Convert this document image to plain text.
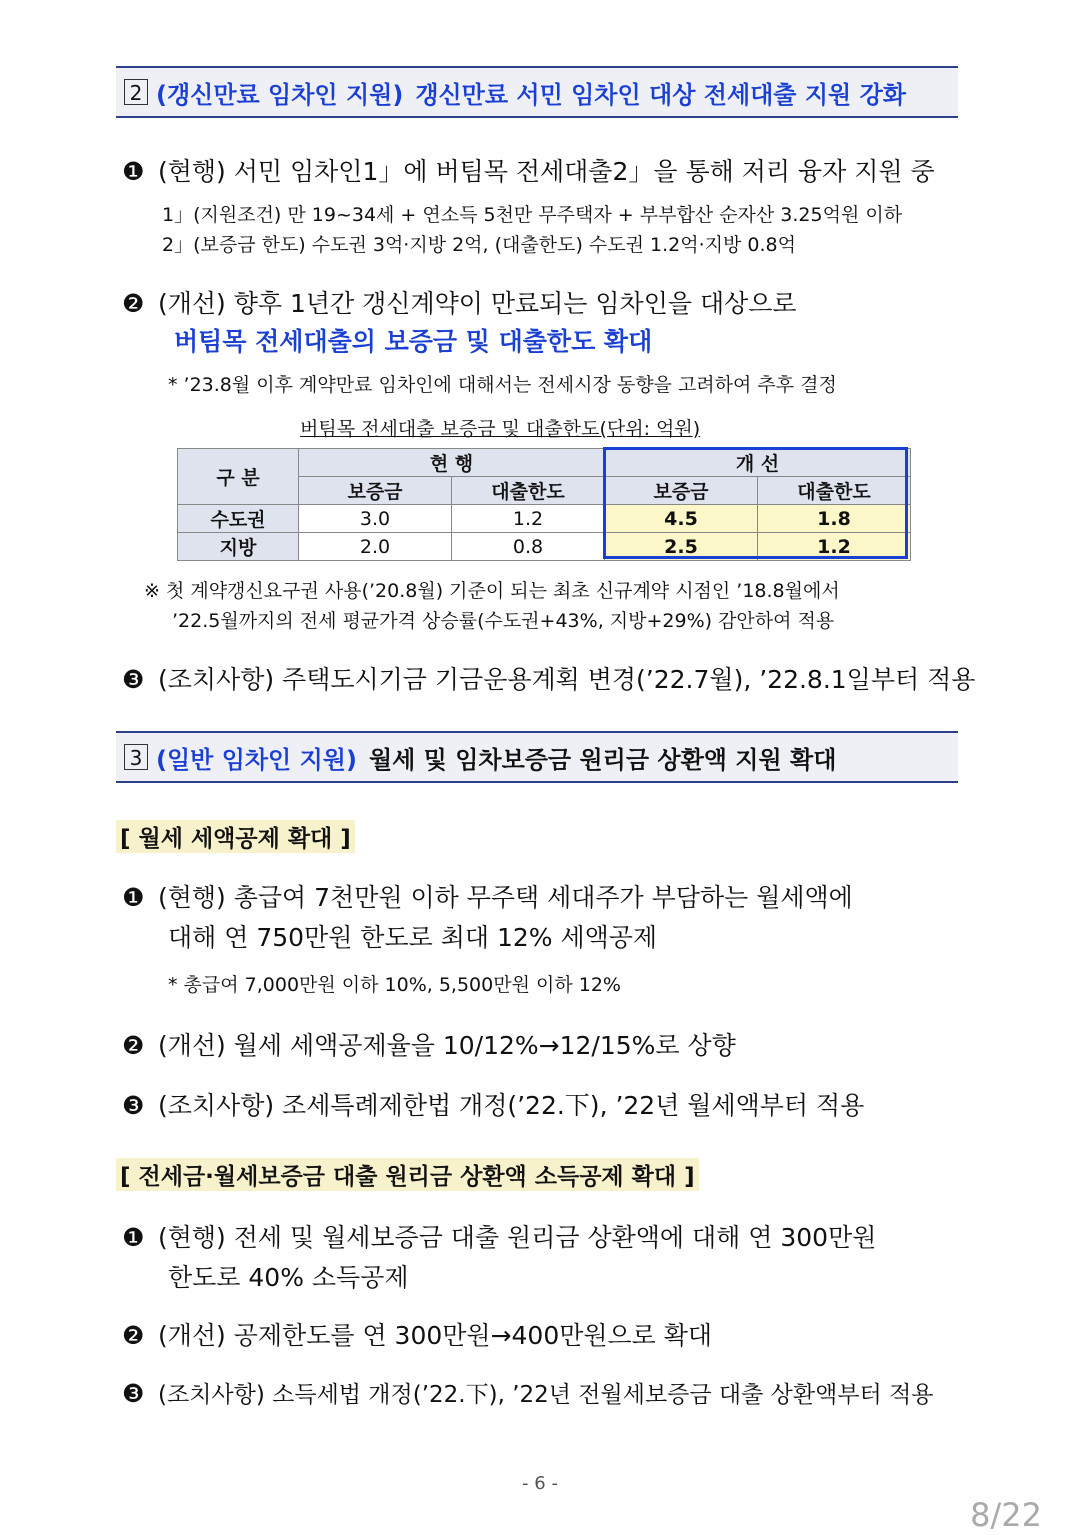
2 (갱신만료 임차인 지원) 갱신만료 서민 임차인 대상 전세대출 지원 강화
❶ (현행) 서민 임차인1」에 버팀목 전세대출2」을 통해 저리 융자 지원 중
1」(지원조건) 만 19~34세 + 연소득 5천만 무주택자 + 부부합산 순자산 3.25억원 이하
2」(보증금 한도) 수도권 3억·지방 2억, (대출한도) 수도권 1.2억·지방 0.8억
❷ (개선) 향후 1년간 갱신계약이 만료되는 임차인을 대상으로
버팀목 전세대출의 보증금 및 대출한도 확대
* ’23.8월 이후 계약만료 임차인에 대해서는 전세시장 동향을 고려하여 추후 결정
버팀목 전세대출 보증금 및 대출한도(단위: 억원)
구 분	현 행		개 선	
	보증금	대출한도	보증금	대출한도
수도권	3.0	1.2	4.5	1.8
지방	2.0	0.8	2.5	1.2
※ 첫 계약갱신요구권 사용(’20.8월) 기준이 되는 최초 신규계약 시점인 ’18.8월에서
’22.5월까지의 전세 평균가격 상승률(수도권+43%, 지방+29%) 감안하여 적용
❸ (조치사항) 주택도시기금 기금운용계획 변경(’22.7월), ’22.8.1일부터 적용
3 (일반 임차인 지원) 월세 및 임차보증금 원리금 상환액 지원 확대
[ 월세 세액공제 확대 ]
❶ (현행) 총급여 7천만원 이하 무주택 세대주가 부담하는 월세액에
대해 연 750만원 한도로 최대 12% 세액공제
* 총급여 7,000만원 이하 10%, 5,500만원 이하 12%
❷ (개선) 월세 세액공제율을 10/12%→12/15%로 상향
❸ (조치사항) 조세특례제한법 개정(’22.下), ’22년 월세액부터 적용
[ 전세금·월세보증금 대출 원리금 상환액 소득공제 확대 ]
❶ (현행) 전세 및 월세보증금 대출 원리금 상환액에 대해 연 300만원
한도로 40% 소득공제
❷ (개선) 공제한도를 연 300만원→400만원으로 확대
❸ (조치사항) 소득세법 개정(’22.下), ’22년 전월세보증금 대출 상환액부터 적용
- 6 -
8/22
